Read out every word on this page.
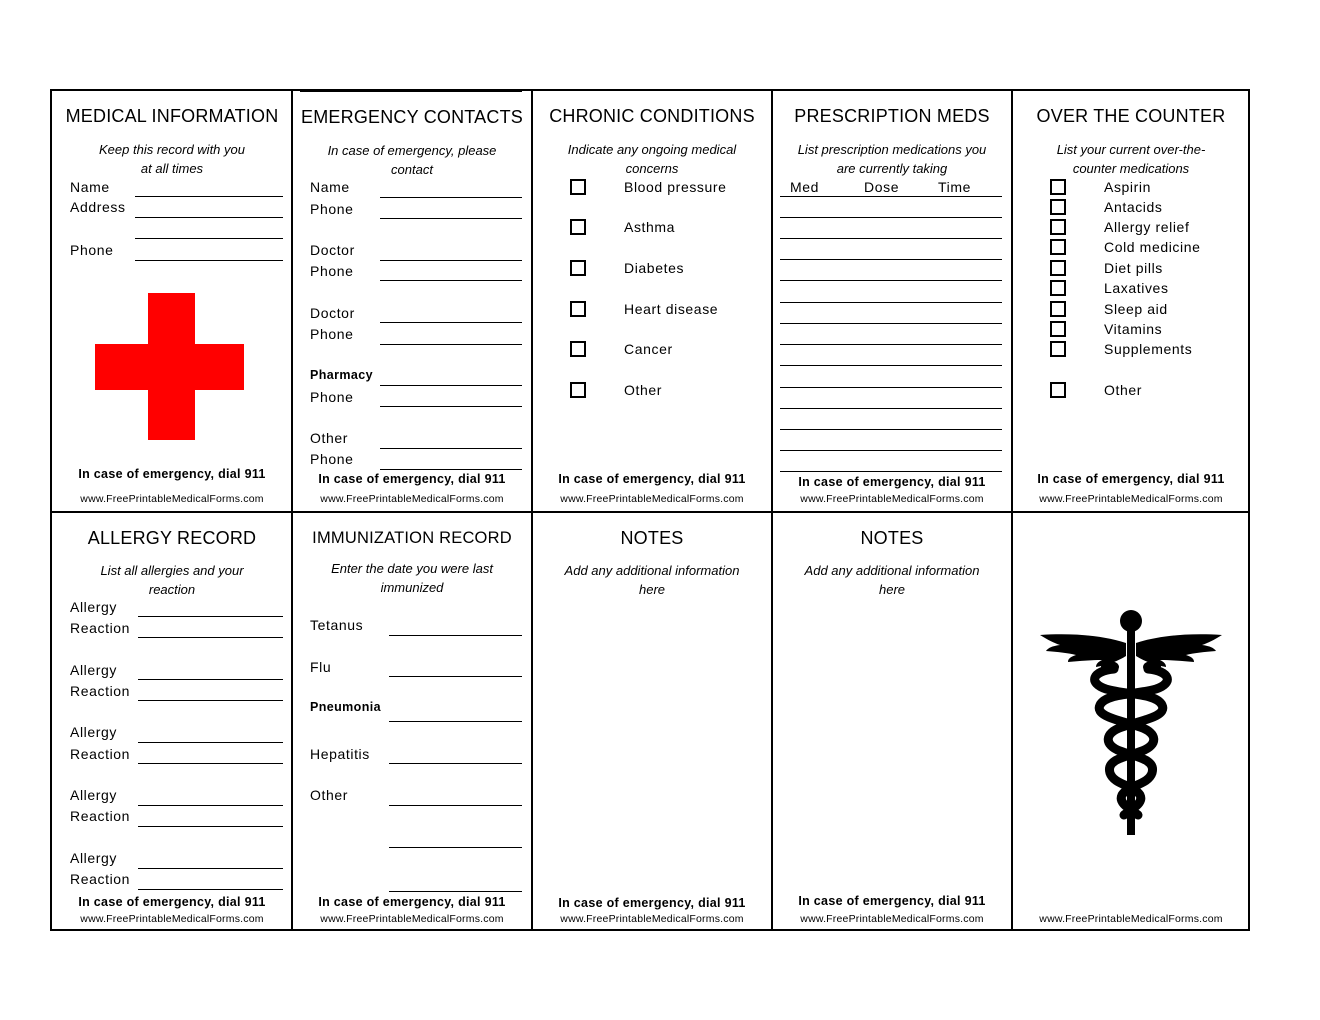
MEDICAL INFORMATION
Keep this record with you
at all times
Name
Address
Phone
In case of emergency, dial 911
www.FreePrintableMedicalForms.com
EMERGENCY CONTACTS
In case of emergency, please
contact
Name
Phone
Doctor
Phone
Doctor
Phone
Pharmacy
Phone
Other
Phone
In case of emergency, dial 911
www.FreePrintableMedicalForms.com
CHRONIC CONDITIONS
Indicate any ongoing medical
concerns
Blood pressure
Asthma
Diabetes
Heart disease
Cancer
Other
In case of emergency, dial 911
www.FreePrintableMedicalForms.com
PRESCRIPTION MEDS
List prescription medications you
are currently taking
Med	Dose	Time
In case of emergency, dial 911
www.FreePrintableMedicalForms.com
OVER THE COUNTER
List your current over-the-
counter medications
Aspirin
Antacids
Allergy relief
Cold medicine
Diet pills
Laxatives
Sleep aid
Vitamins
Supplements
Other
In case of emergency, dial 911
www.FreePrintableMedicalForms.com
ALLERGY RECORD
List all allergies and your
reaction
Allergy
Reaction
Allergy
Reaction
Allergy
Reaction
Allergy
Reaction
Allergy
Reaction
In case of emergency, dial 911
www.FreePrintableMedicalForms.com
IMMUNIZATION RECORD
Enter the date you were last
immunized
Tetanus
Flu
Pneumonia
Hepatitis
Other
In case of emergency, dial 911
www.FreePrintableMedicalForms.com
NOTES
Add any additional information
here
In case of emergency, dial 911
www.FreePrintableMedicalForms.com
NOTES
Add any additional information
here
In case of emergency, dial 911
www.FreePrintableMedicalForms.com	www.FreePrintableMedicalForms.com
